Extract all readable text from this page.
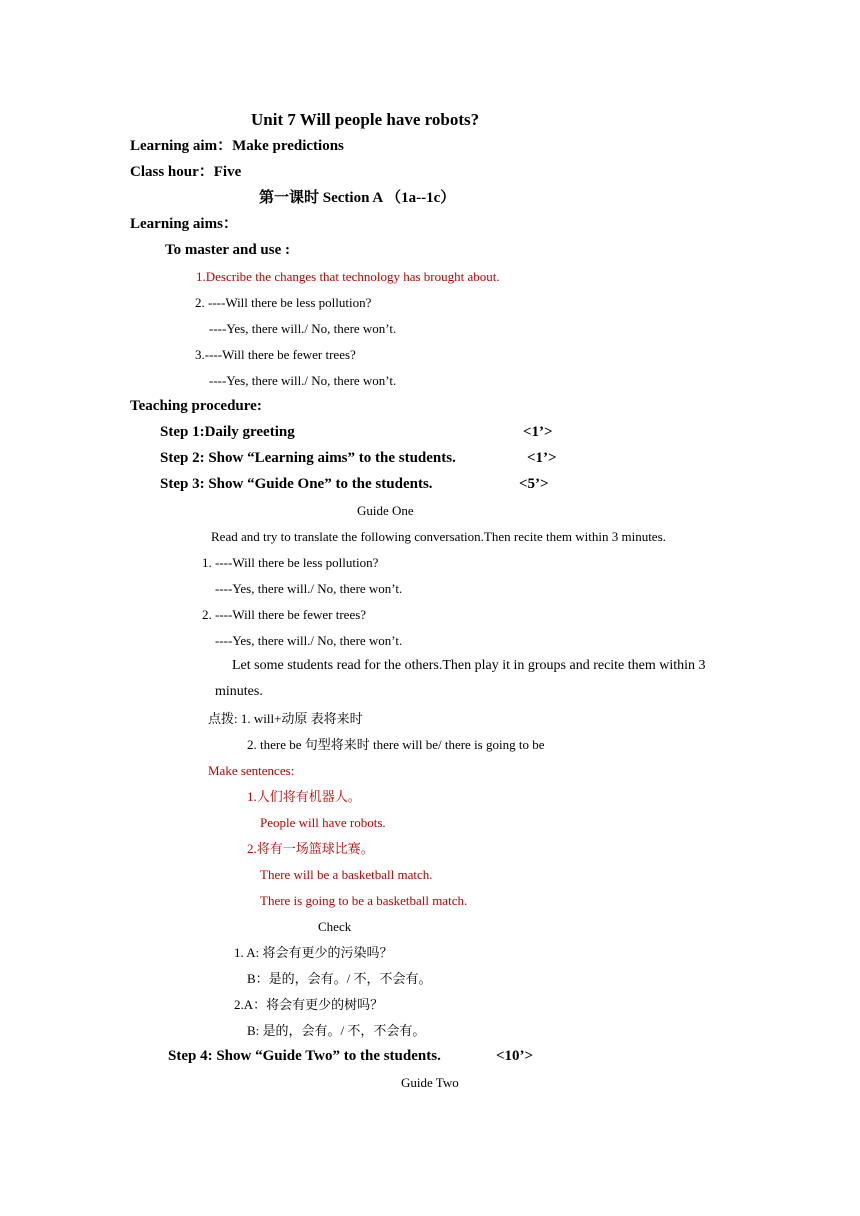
Unit 7 Will people have robots?
Learning aim：Make predictions
Class hour：Five
第一课时 Section A （1a--1c）
Learning aims：
To master and use :
1.Describe the changes that technology has brought about.
2. ----Will there be less pollution?
----Yes, there will./ No, there won’t.
3.----Will there be fewer trees?
----Yes, there will./ No, there won’t.
Teaching procedure:
Step 1:Daily greeting	<1’>
Step 2: Show “Learning aims” to the students.	<1’>
Step 3: Show “Guide One” to the students.	<5’>
Guide One
Read and try to translate the following conversation.Then recite them within 3 minutes.
1. ----Will there be less pollution?
----Yes, there will./ No, there won’t.
2. ----Will there be fewer trees?
----Yes, there will./ No, there won’t.
Let some students read for the others.Then play it in groups and recite them within 3
minutes.
点拨: 1. will+动原 表将来时
2. there be 句型将来时 there will be/ there is going to be
Make sentences:
1.人们将有机器人。
People will have robots.
2.将有一场篮球比赛。
There will be a basketball match.
There is going to be a basketball match.
Check
1. A: 将会有更少的污染吗？
B：是的，会有。/ 不，不会有。
2.A：将会有更少的树吗？
B: 是的，会有。/ 不，不会有。
Step 4: Show “Guide Two” to the students.	<10’>
Guide Two
